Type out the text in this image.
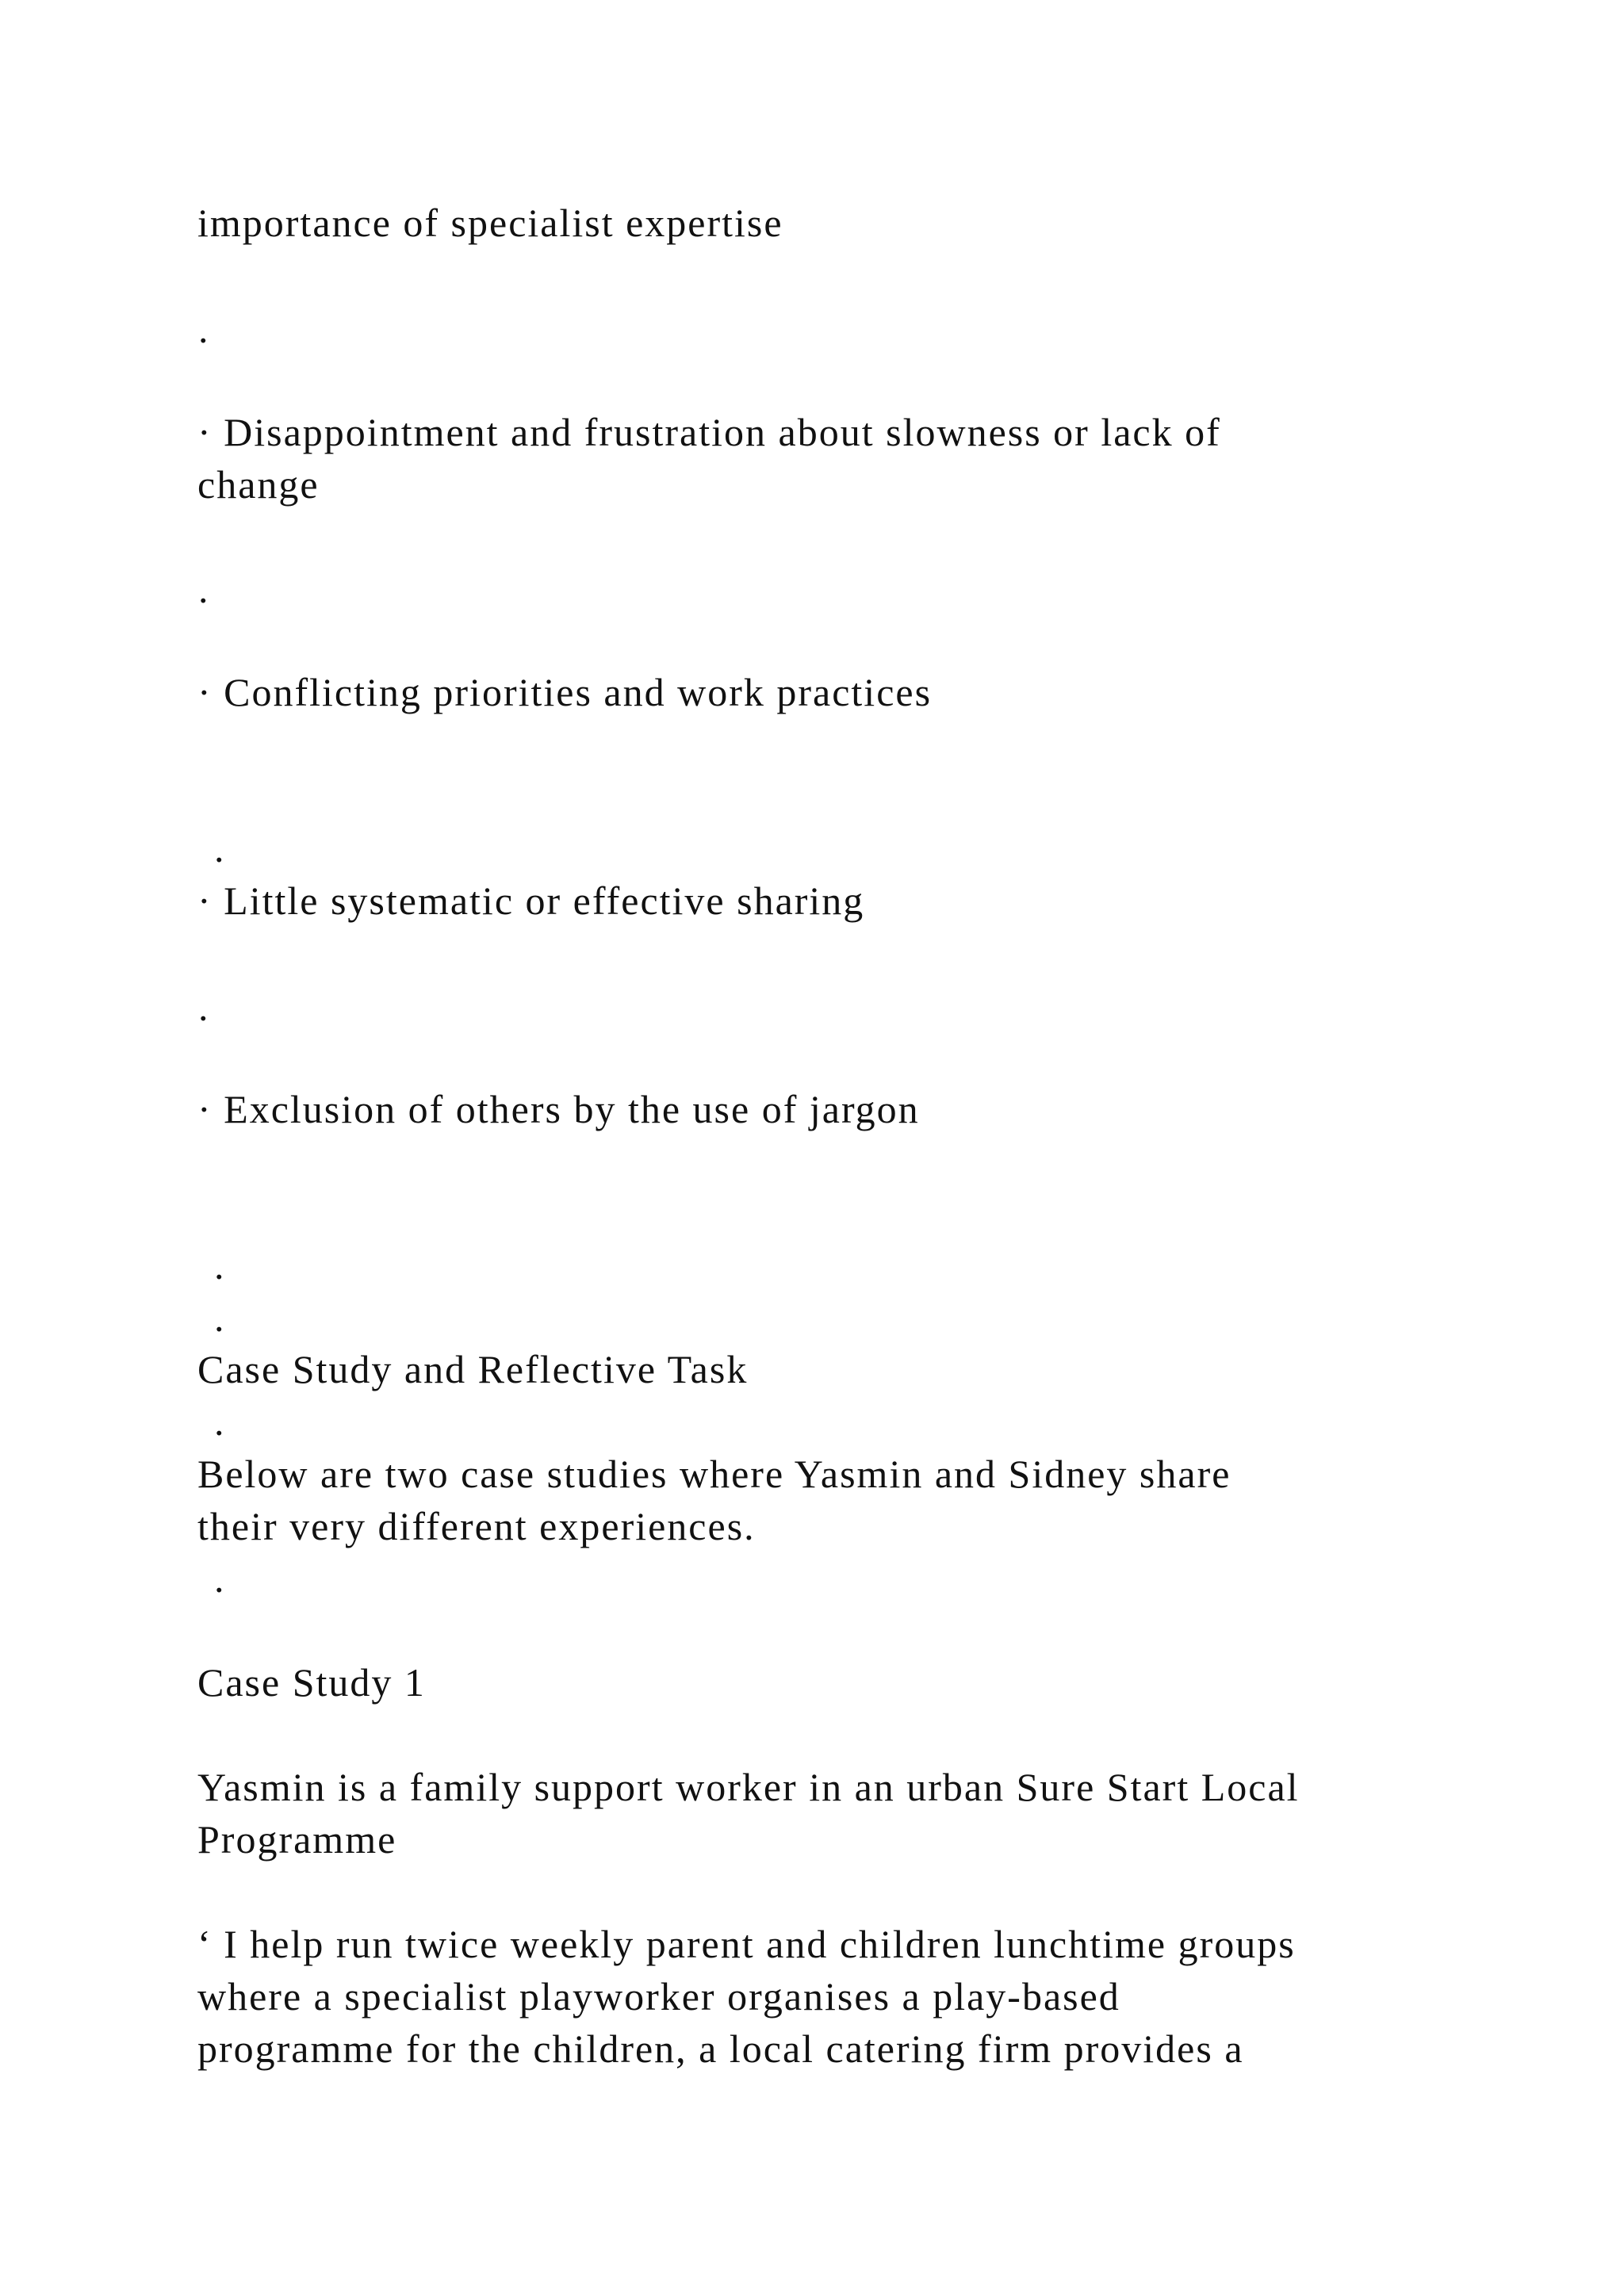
importance of specialist expertise
.
· Disappointment and frustration about slowness or lack of
change
.
· Conflicting priorities and work practices
.
· Little systematic or effective sharing
.
· Exclusion of others by the use of jargon
.
.
Case Study and Reflective Task
.
Below are two case studies where Yasmin and Sidney share
their very different experiences.
.
Case Study 1
Yasmin is a family support worker in an urban Sure Start Local
Programme
‘ I help run twice weekly parent and children lunchtime groups
where a specialist playworker organises a play-based
programme for the children, a local catering firm provides a
